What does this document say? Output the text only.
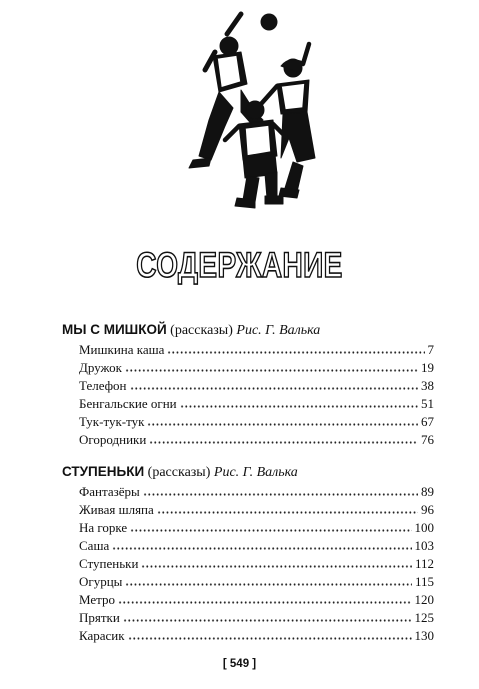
СОДЕРЖАНИЕ
МЫ С МИШКОЙ (рассказы) Рис. Г. Валька
Мишкина каша	7
Дружок	19
Телефон	38
Бенгальские огни	51
Тук-тук-тук	67
Огородники	76
СТУПЕНЬКИ (рассказы) Рис. Г. Валька
Фантазёры	89
Живая шляпа	96
На горке	100
Саша	103
Ступеньки	112
Огурцы	115
Метро	120
Прятки	125
Карасик	130
[ 549 ]
